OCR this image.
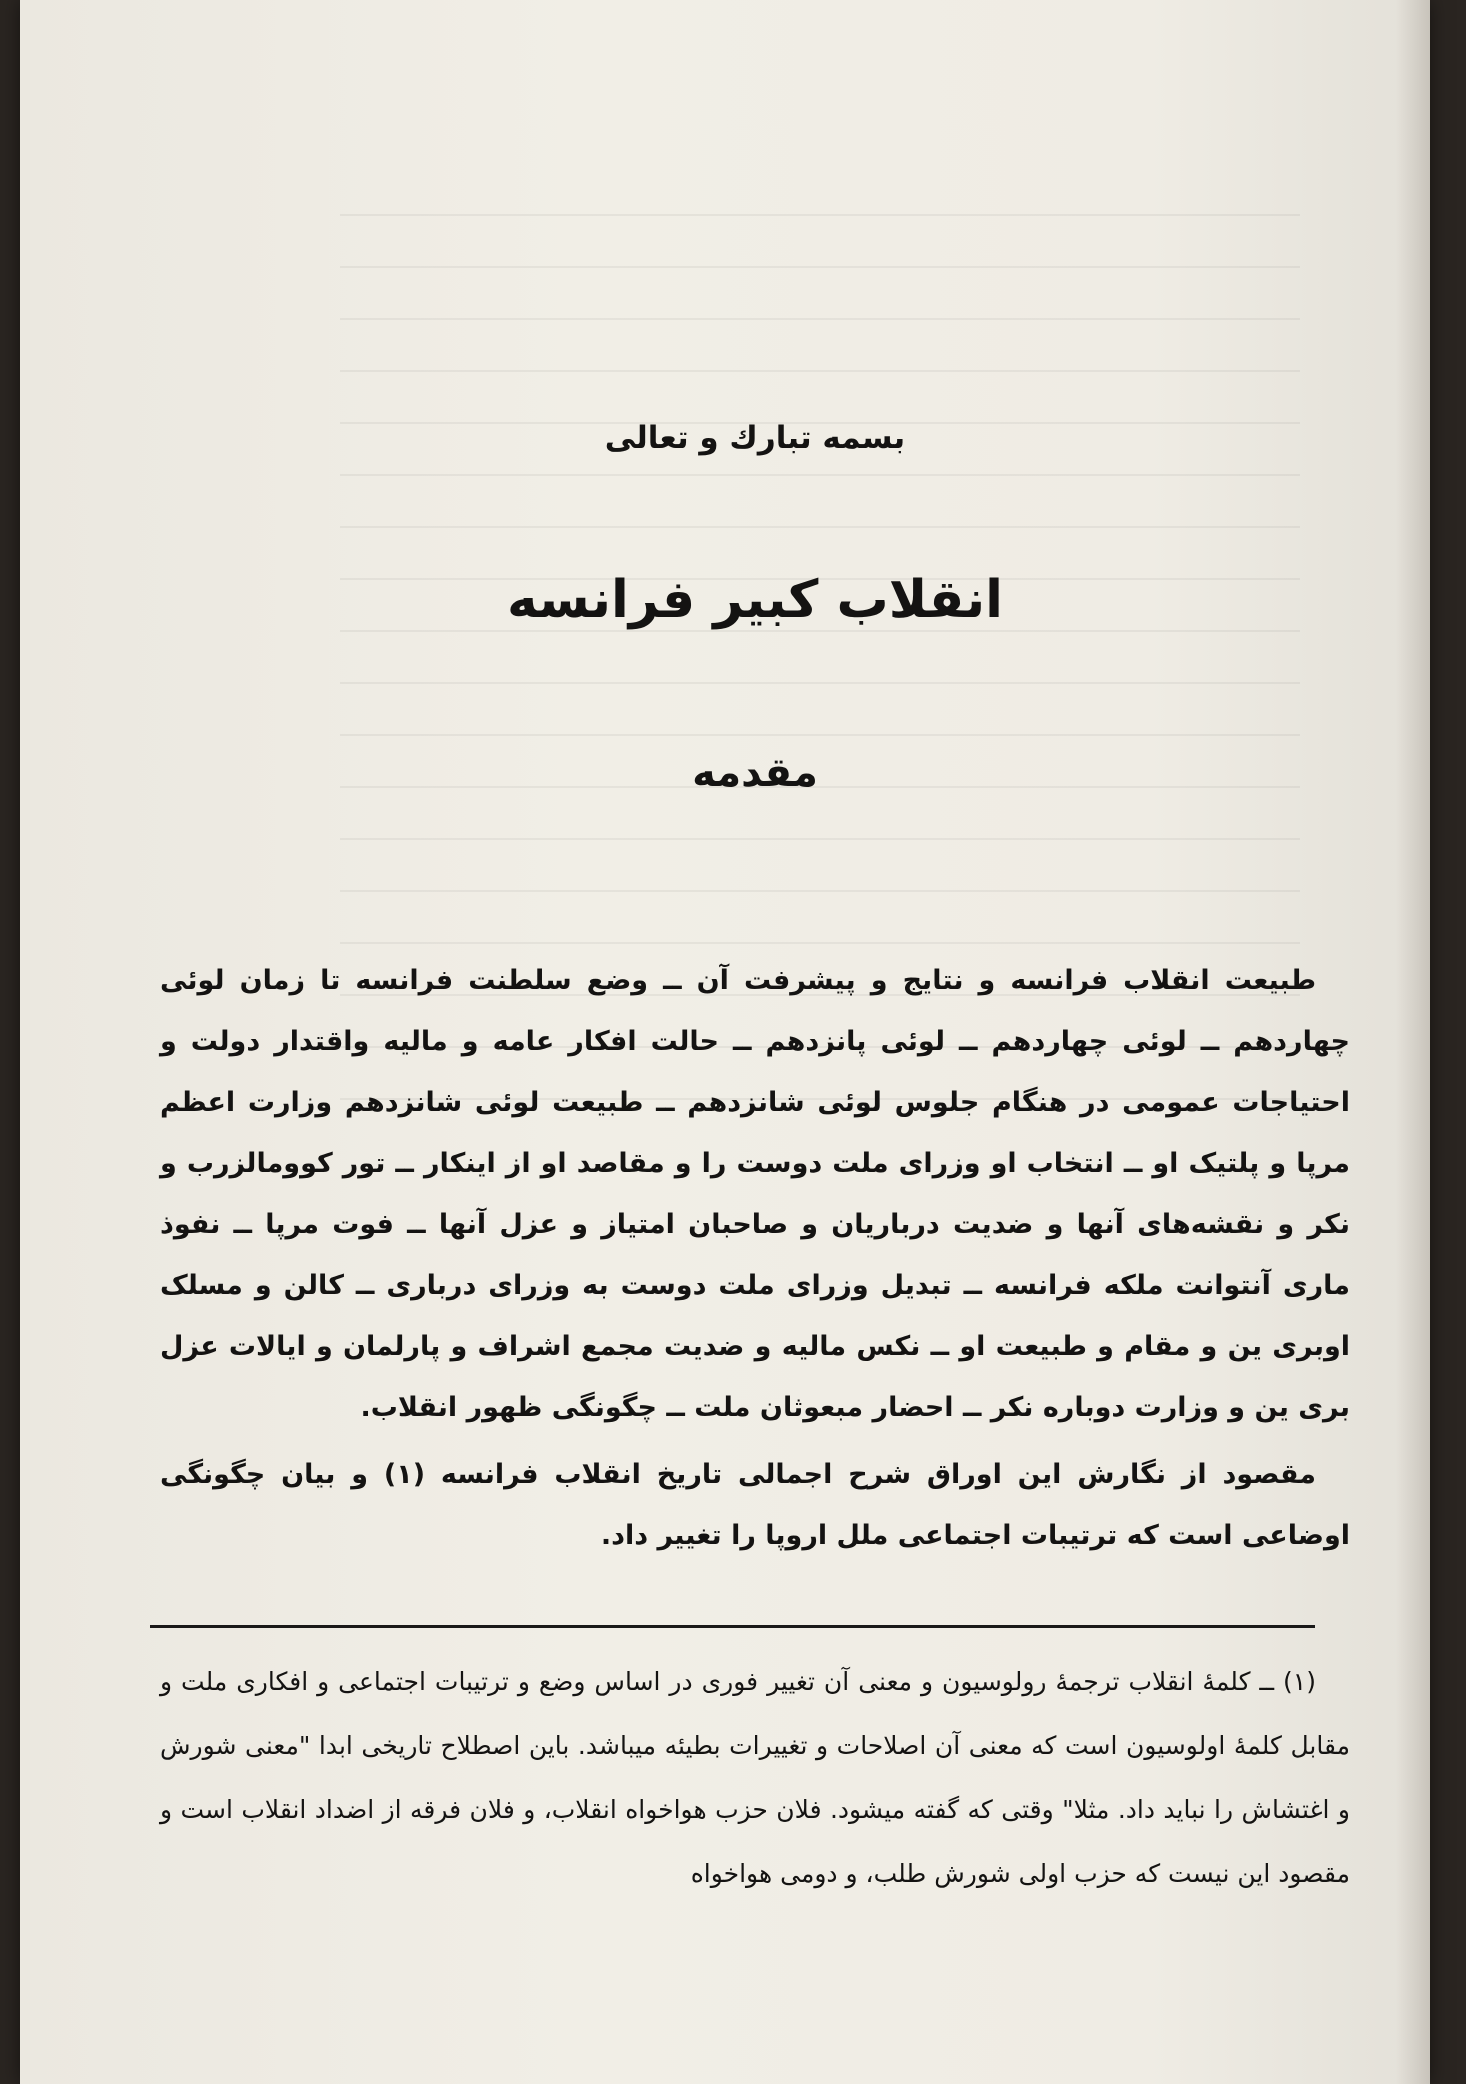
بسمه تبارك و تعالی
انقلاب کبیر فرانسه
مقدمه

طبیعت انقلاب فرانسه و نتایج و پیشرفت آن ــ وضع سلطنت فرانسه تا زمان لوئی چهاردهم ــ لوئی چهاردهم ــ لوئی پانزدهم ــ حالت افکار عامه و مالیه واقتدار دولت و احتیاجات عمومی در هنگام جلوس لوئی شانزدهم ــ طبیعت لوئی شانزدهم وزارت اعظم مرپا و پلتیک او ــ انتخاب او وزرای ملت دوست را و مقاصد او از اینکار ــ تور کوومالزرب و نکر و نقشه‌های آنها و ضدیت درباریان و صاحبان امتیاز و عزل آنها ــ فوت مرپا ــ نفوذ ماری آنتوانت ملکه فرانسه ــ تبدیل وزرای ملت دوست به وزرای درباری ــ کالن و مسلک اوبری ین و مقام و طبیعت او ــ نکس مالیه و ضدیت مجمع اشراف و پارلمان و ایالات عزل بری ین و وزارت دوباره نکر ــ احضار مبعوثان ملت ــ چگونگی ظهور انقلاب.

مقصود از نگارش این اوراق شرح اجمالی تاریخ انقلاب فرانسه (۱) و بیان چگونگی اوضاعی است که ترتیبات اجتماعی ملل اروپا را تغییر داد.

(۱) ــ کلمهٔ انقلاب ترجمهٔ رولوسیون و معنی آن تغییر فوری در اساس وضع و ترتیبات اجتماعی و افکاری ملت و مقابل کلمهٔ اولوسیون است که معنی آن اصلاحات و تغییرات بطیئه میباشد. باین اصطلاح تاریخی ابدا "معنی شورش و اغتشاش را نباید داد. مثلا" وقتی که گفته میشود. فلان حزب هواخواه انقلاب، و فلان فرقه از اضداد انقلاب است و مقصود این نیست که حزب اولی شورش طلب، و دومی هواخواه
